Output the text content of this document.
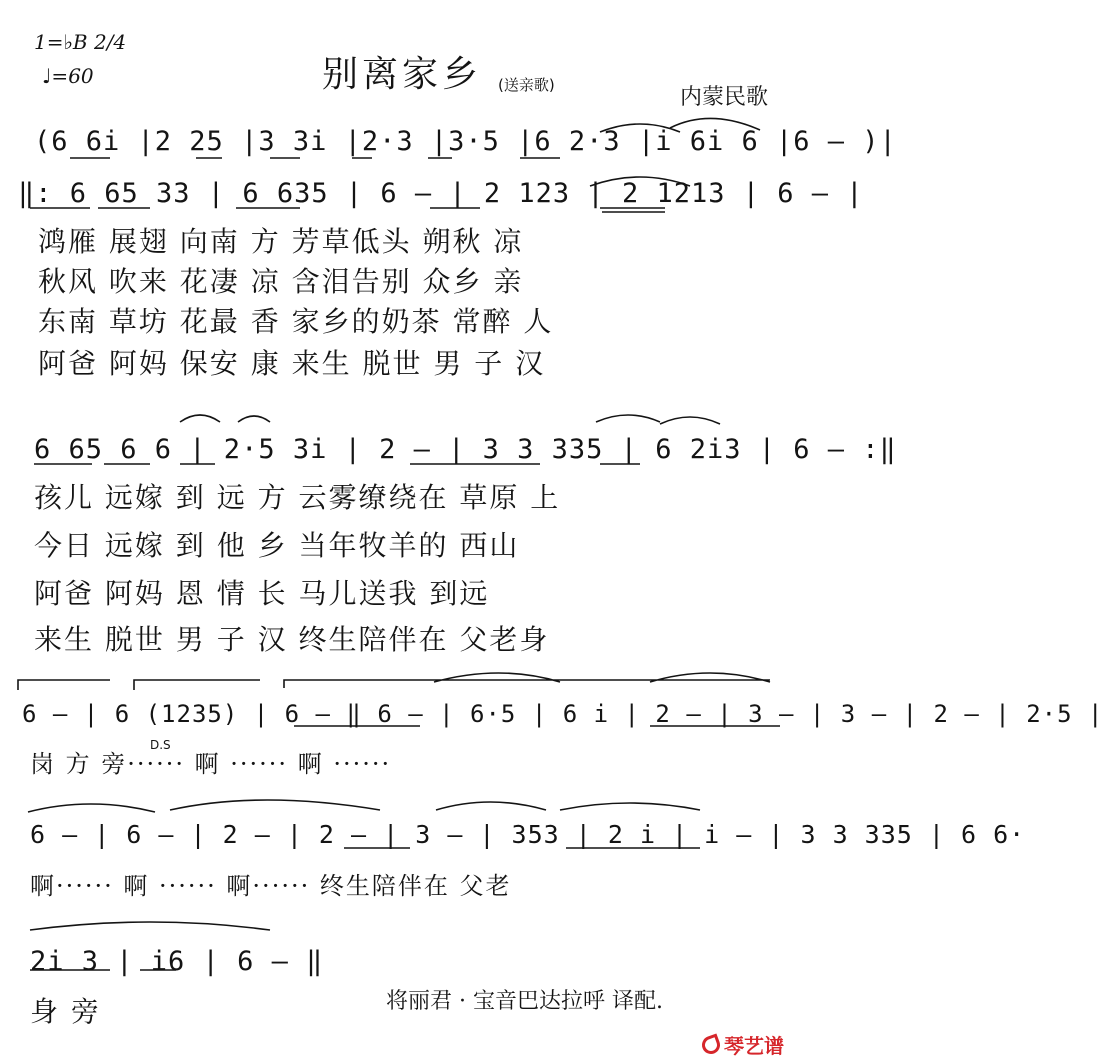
1=♭B 2/4
♩=60	别离家乡 (送亲歌)	内蒙民歌
(6 6i |2 25 |3 3i |2·3 |3·5 |6 2·3 |i 6i 6 |6 – )|
‖: 6 65 33 | 6 635 | 6 – | 2 123 | 2 1213 | 6 – |
鸿雁 展翅 向南 方 芳草低头 朔秋 凉
秋风 吹来 花凄 凉 含泪告别 众乡 亲
东南 草坊 花最 香 家乡的奶茶 常醉 人
阿爸 阿妈 保安 康 来生 脱世 男 子 汉
6 65 6 6 | 2·5 3i | 2 – | 3 3 335 | 6 2i3 | 6 – :‖
孩儿 远嫁 到 远 方 云雾缭绕在 草原 上
今日 远嫁 到 他 乡 当年牧羊的 西山
阿爸 阿妈 恩 情 长 马儿送我 到远
来生 脱世 男 子 汉 终生陪伴在 父老身
6 – | 6 (1235) | 6 – ‖ 6 – | 6·5 | 6 i | 2 – | 3 – | 3 – | 2 – | 2·5 |
D.S
岗 方 旁······ 啊 ······ 啊 ······
6 – | 6 – | 2 – | 2 – | 3 – | 353 | 2 i | i – | 3 3 335 | 6 6·
啊······ 啊 ······ 啊······ 终生陪伴在 父老
2i 3 | i6 | 6 – ‖
身 旁	将丽君 · 宝音巴达拉呼 译配.
琴艺谱
